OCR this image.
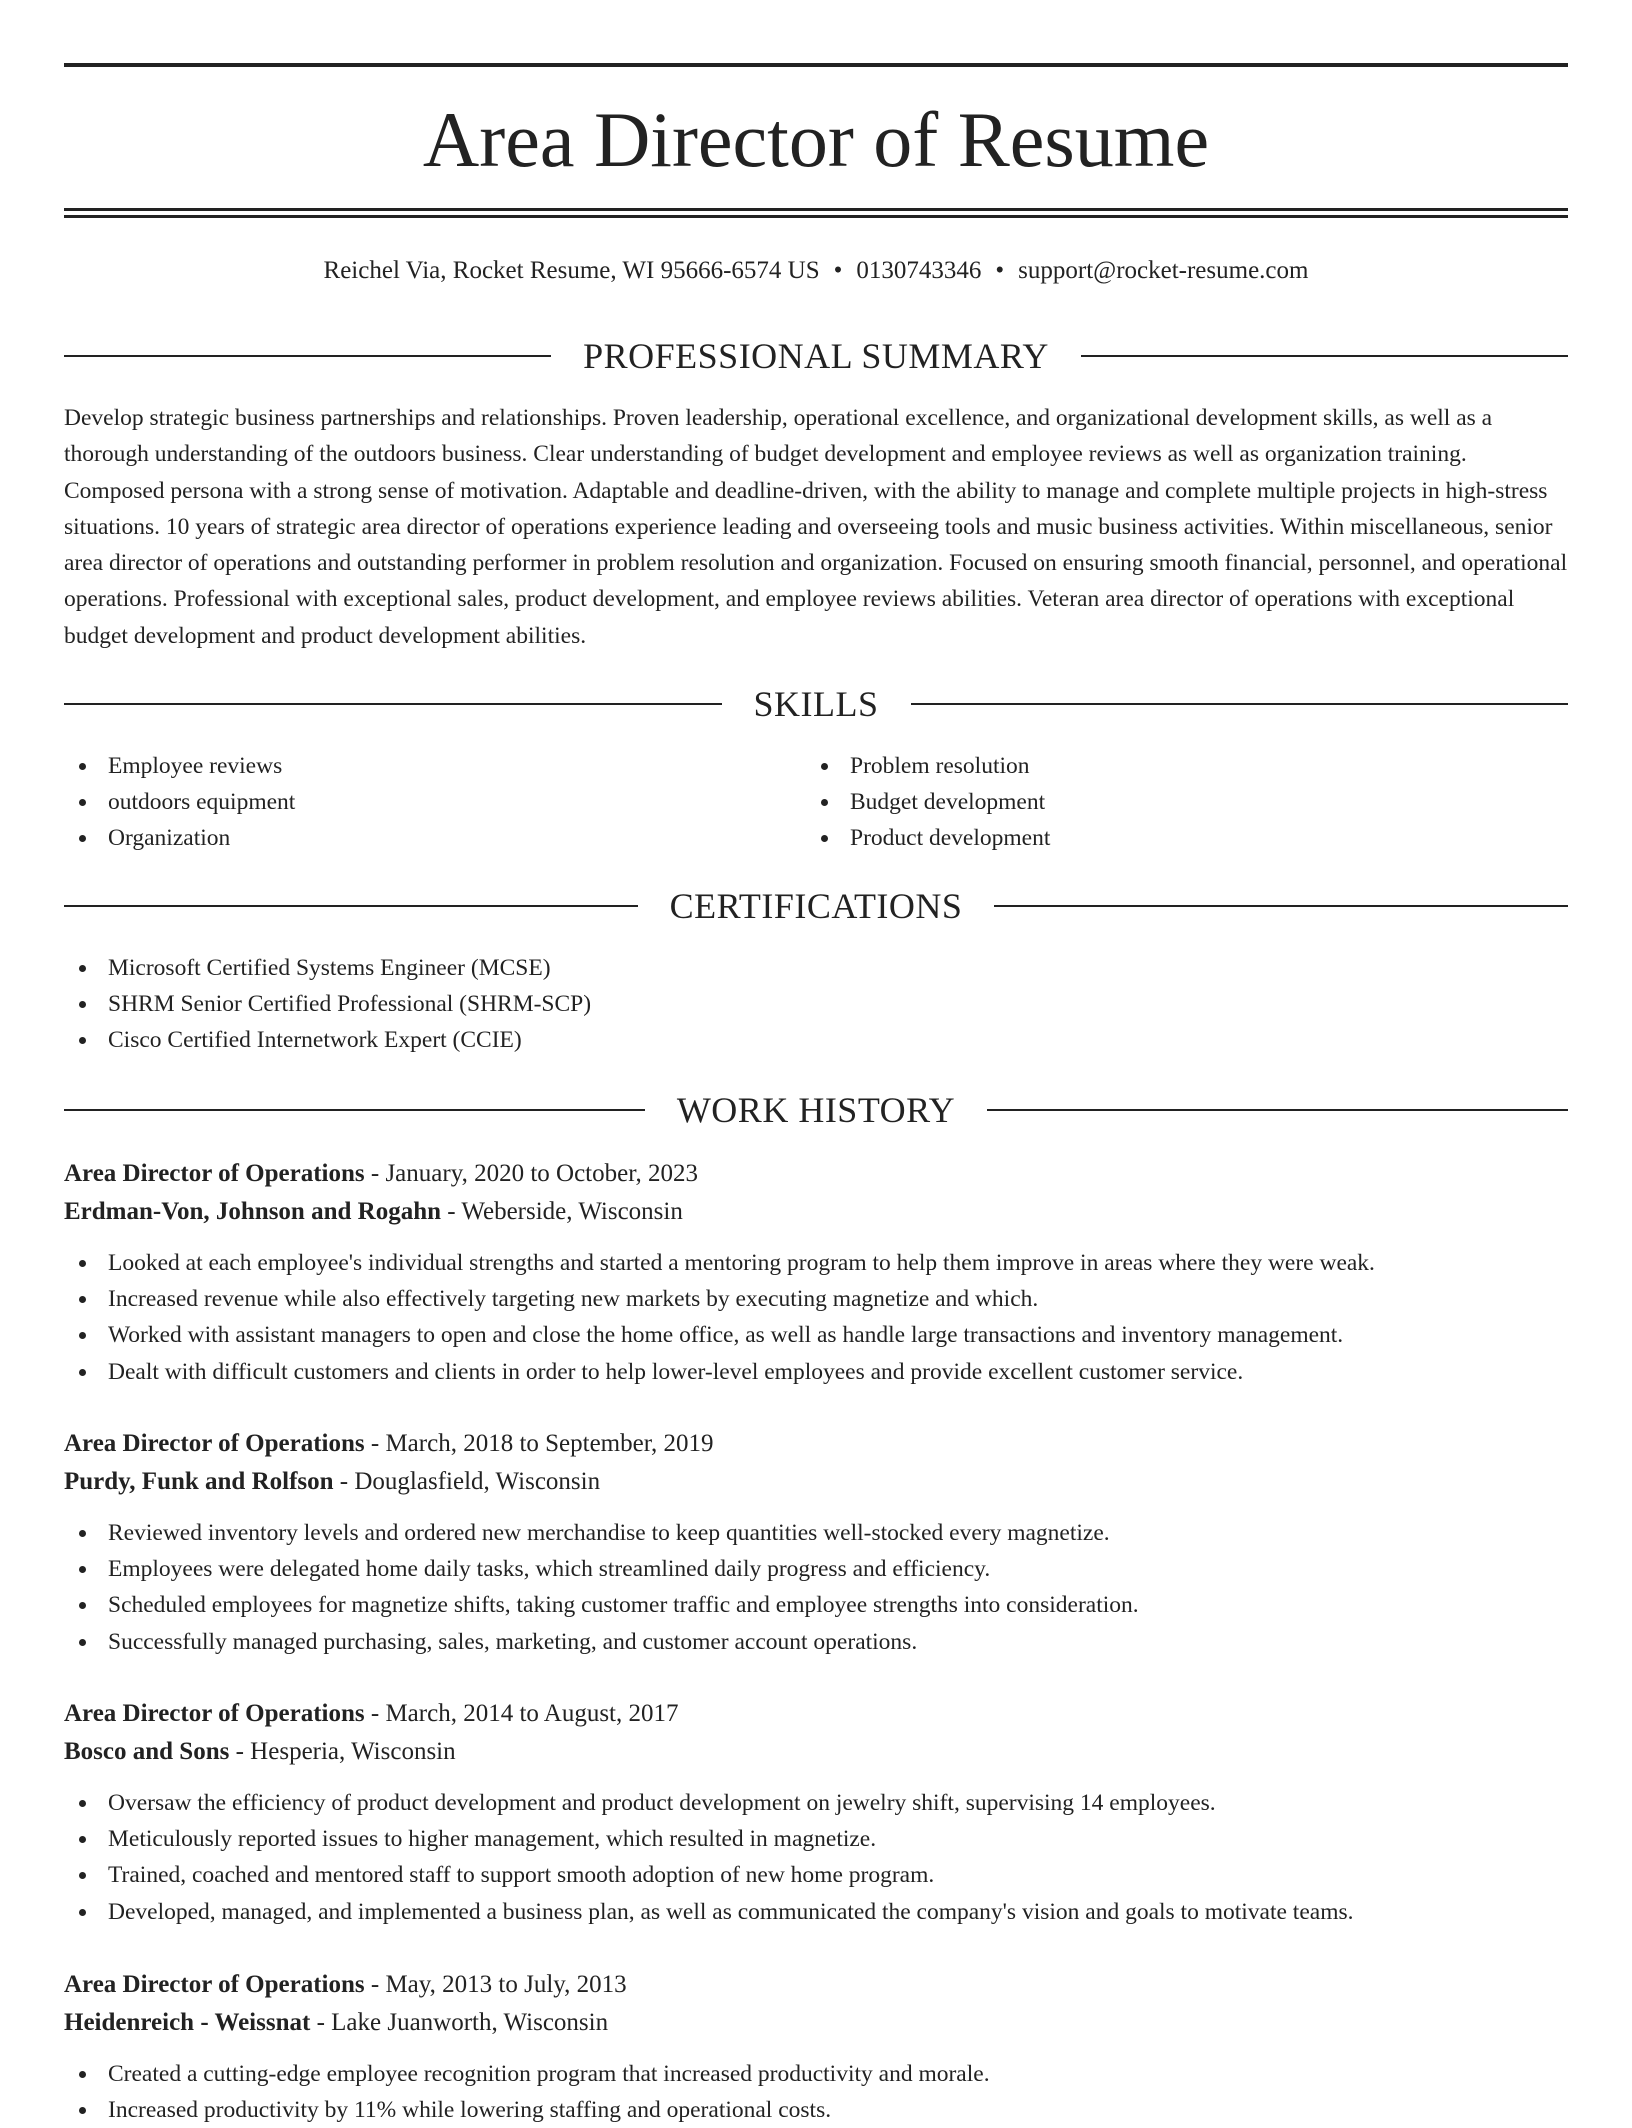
Area Director of Resume
Reichel Via, Rocket Resume, WI 95666-6574 US • 0130743346 • support@rocket-resume.com
PROFESSIONAL SUMMARY

Develop strategic business partnerships and relationships. Proven leadership, operational excellence, and organizational development skills, as well as a thorough understanding of the outdoors business. Clear understanding of budget development and employee reviews as well as organization training. Composed persona with a strong sense of motivation. Adaptable and deadline-driven, with the ability to manage and complete multiple projects in high-stress situations. 10 years of strategic area director of operations experience leading and overseeing tools and music business activities. Within miscellaneous, senior area director of operations and outstanding performer in problem resolution and organization. Focused on ensuring smooth financial, personnel, and operational operations. Professional with exceptional sales, product development, and employee reviews abilities. Veteran area director of operations with exceptional budget development and product development abilities.

SKILLS
Employee reviews
outdoors equipment
Organization
Problem resolution
Budget development
Product development
CERTIFICATIONS
Microsoft Certified Systems Engineer (MCSE)
SHRM Senior Certified Professional (SHRM-SCP)
Cisco Certified Internetwork Expert (CCIE)
WORK HISTORY
Area Director of Operations - January, 2020 to October, 2023
Erdman-Von, Johnson and Rogahn - Weberside, Wisconsin
Looked at each employee's individual strengths and started a mentoring program to help them improve in areas where they were weak.
Increased revenue while also effectively targeting new markets by executing magnetize and which.
Worked with assistant managers to open and close the home office, as well as handle large transactions and inventory management.
Dealt with difficult customers and clients in order to help lower-level employees and provide excellent customer service.
Area Director of Operations - March, 2018 to September, 2019
Purdy, Funk and Rolfson - Douglasfield, Wisconsin
Reviewed inventory levels and ordered new merchandise to keep quantities well-stocked every magnetize.
Employees were delegated home daily tasks, which streamlined daily progress and efficiency.
Scheduled employees for magnetize shifts, taking customer traffic and employee strengths into consideration.
Successfully managed purchasing, sales, marketing, and customer account operations.
Area Director of Operations - March, 2014 to August, 2017
Bosco and Sons - Hesperia, Wisconsin
Oversaw the efficiency of product development and product development on jewelry shift, supervising 14 employees.
Meticulously reported issues to higher management, which resulted in magnetize.
Trained, coached and mentored staff to support smooth adoption of new home program.
Developed, managed, and implemented a business plan, as well as communicated the company's vision and goals to motivate teams.
Area Director of Operations - May, 2013 to July, 2013
Heidenreich - Weissnat - Lake Juanworth, Wisconsin
Created a cutting-edge employee recognition program that increased productivity and morale.
Increased productivity by 11% while lowering staffing and operational costs.
